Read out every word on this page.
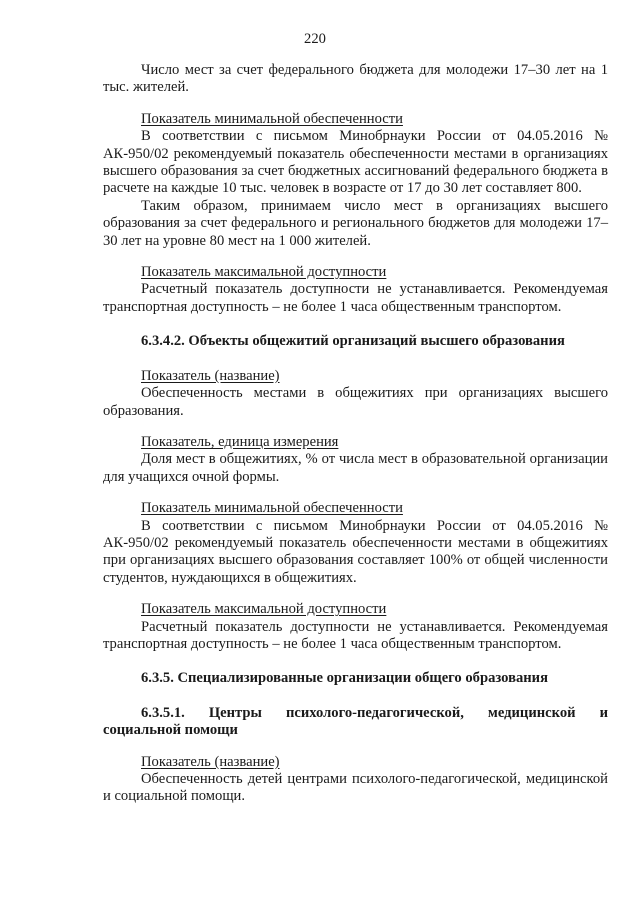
220

Число мест за счет федерального бюджета для молодежи 17–30 лет на 1 тыс. жителей.

Показатель минимальной обеспеченности

В соответствии с письмом Минобрнауки России от 04.05.2016 № АК-950/02 рекомендуемый показатель обеспеченности местами в организациях высшего образования за счет бюджетных ассигнований федерального бюджета в расчете на каждые 10 тыс. человек в возрасте от 17 до 30 лет составляет 800.

Таким образом, принимаем число мест в организациях высшего образования за счет федерального и регионального бюджетов для молодежи 17–30 лет на уровне 80 мест на 1 000 жителей.

Показатель максимальной доступности

Расчетный показатель доступности не устанавливается. Рекомендуемая транспортная доступность – не более 1 часа общественным транспортом.

6.3.4.2. Объекты общежитий организаций высшего образования
Показатель (название)

Обеспеченность местами в общежитиях при организациях высшего образования.

Показатель, единица измерения

Доля мест в общежитиях, % от числа мест в образовательной организации для учащихся очной формы.

Показатель минимальной обеспеченности

В соответствии с письмом Минобрнауки России от 04.05.2016 № АК-950/02 рекомендуемый показатель обеспеченности местами в общежитиях при организациях высшего образования составляет 100% от общей численности студентов, нуждающихся в общежитиях.

Показатель максимальной доступности

Расчетный показатель доступности не устанавливается. Рекомендуемая транспортная доступность – не более 1 часа общественным транспортом.

6.3.5. Специализированные организации общего образования

6.3.5.1. Центры психолого-педагогической, медицинской и социальной помощи

Показатель (название)

Обеспеченность детей центрами психолого-педагогической, медицинской и социальной помощи.
